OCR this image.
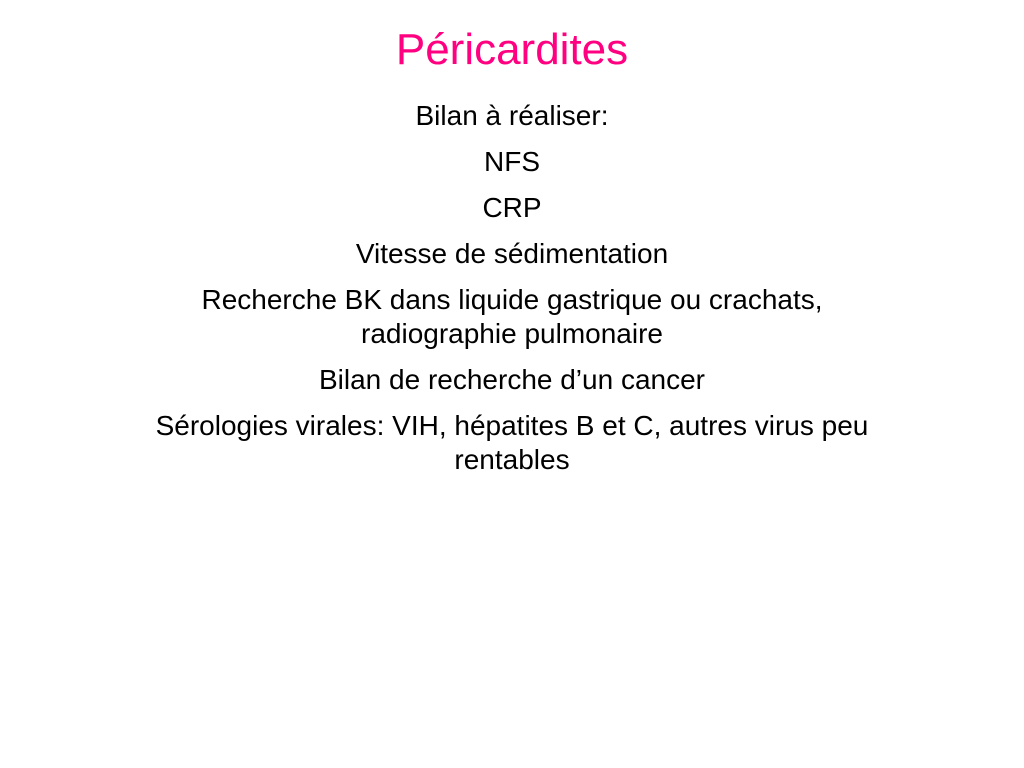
Péricardites
Bilan à réaliser:
NFS
CRP
Vitesse de sédimentation
Recherche BK dans liquide gastrique ou crachats,
radiographie pulmonaire
Bilan de recherche d’un cancer
Sérologies virales: VIH, hépatites B et C, autres virus peu
rentables
